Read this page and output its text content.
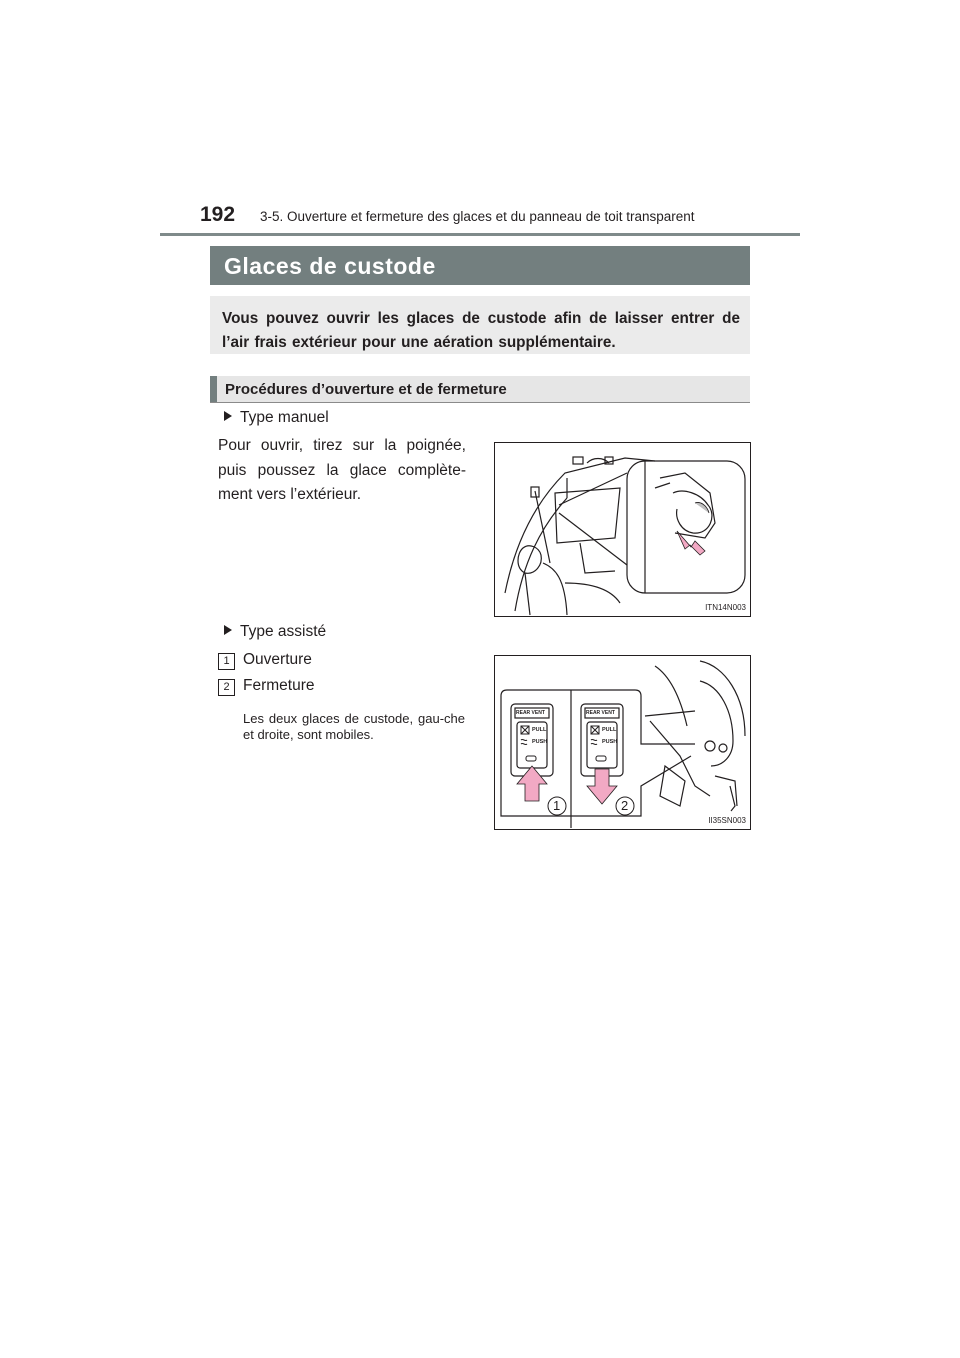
192 3-5. Ouverture et fermeture des glaces et du panneau de toit transparent
Glaces de custode
Vous pouvez ouvrir les glaces de custode afin de laisser entrer de l’air frais extérieur pour une aération supplémentaire.
Procédures d’ouverture et de fermeture
Type manuel
Pour ouvrir, tirez sur la poignée, puis poussez la glace complète-ment vers l’extérieur.
ITN14N003
Type assisté
1 Ouverture
2 Fermeture
Les deux glaces de custode, gau-che et droite, sont mobiles.
REAR VENT	REAR VENT
PULL
PUSH
PULL
PUSH
1	2
II35SN003
